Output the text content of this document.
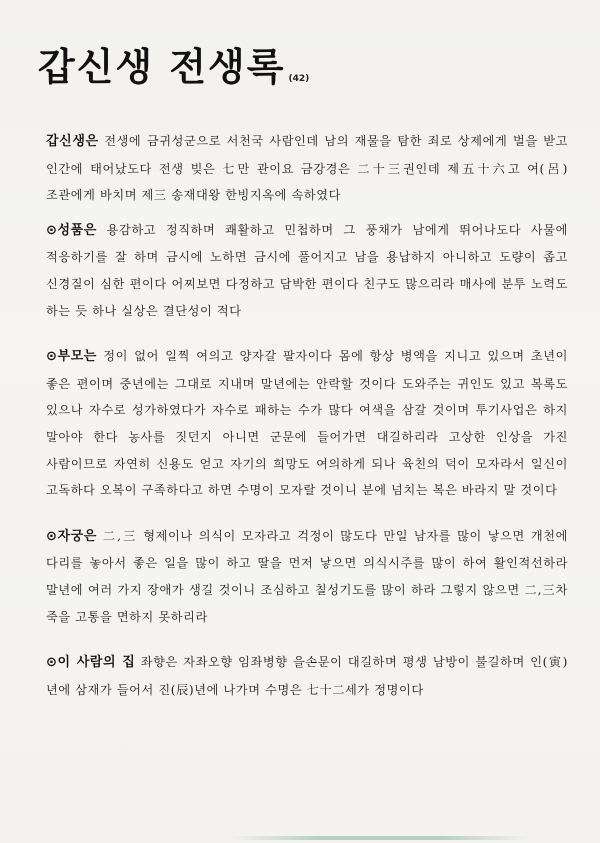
갑신생 전생록 (42)

갑신생은 전생에 금귀성군으로 서천국 사람인데 남의 재물을 탐한 죄로 상제에게 벌을 받고 인간에 태어났도다 전생 빚은 七만 관이요 금강경은 二十三권인데 제五十六고 여(呂)조관에게 바치며 제三 송재대왕 한빙지옥에 속하였다

⊙성품은 용감하고 정직하며 쾌활하고 민첩하며 그 풍채가 남에게 뛰어나도다 사물에 적응하기를 잘 하며 금시에 노하면 금시에 풀어지고 남을 용납하지 아니하고 도량이 좁고 신경질이 심한 편이다 어찌보면 다정하고 담박한 편이다 친구도 많으리라 매사에 분투 노력도 하는 듯 하나 실상은 결단성이 적다

⊙부모는 정이 없어 일찍 여의고 양자갈 팔자이다 몸에 항상 병액을 지니고 있으며 초년이 좋은 편이며 중년에는 그대로 지내며 말년에는 안락할 것이다 도와주는 귀인도 있고 복록도 있으나 자수로 성가하였다가 자수로 패하는 수가 많다 여색을 삼갈 것이며 투기사업은 하지 말아야 한다 농사를 짓던지 아니면 군문에 들어가면 대길하리라 고상한 인상을 가진 사람이므로 자연히 신용도 얻고 자기의 희망도 여의하게 되나 육친의 덕이 모자라서 일신이 고독하다 오복이 구족하다고 하면 수명이 모자랄 것이니 분에 넘치는 복은 바라지 말 것이다

⊙자궁은 二,三 형제이나 의식이 모자라고 걱정이 많도다 만일 남자를 많이 낳으면 개천에 다리를 놓아서 좋은 일을 많이 하고 딸을 먼저 낳으면 의식시주를 많이 하여 활인적선하라 말년에 여러 가지 장애가 생길 것이니 조심하고 칠성기도를 많이 하라 그렇지 않으면 二,三차 죽을 고통을 면하지 못하리라

⊙이 사람의 집 좌향은 자좌오향 임좌병향 을손문이 대길하며 평생 남방이 불길하며 인(寅)년에 삼재가 들어서 진(辰)년에 나가며 수명은 七十二세가 정명이다
